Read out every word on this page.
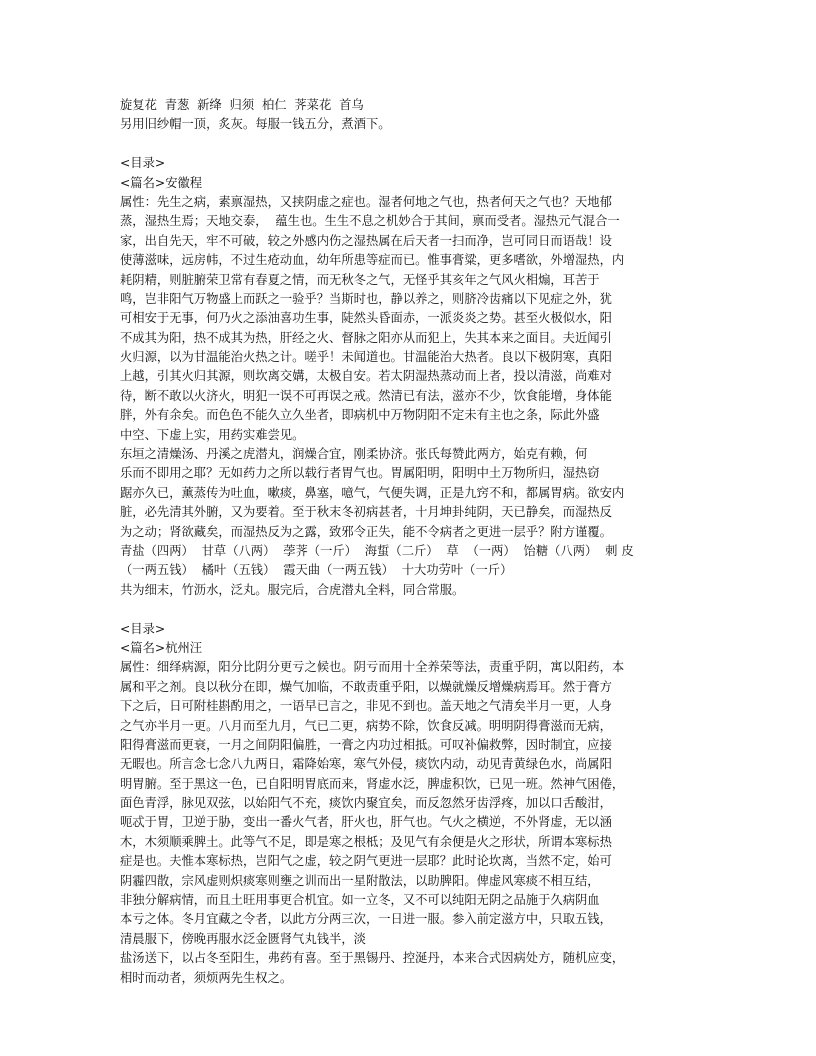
旋复花  青葱  新绛  归须  柏仁  荠菜花  首乌
另用旧纱帽一顶，炙灰。每服一钱五分，煮酒下。
<目录>
<篇名>安徽程
属性：先生之病，素禀湿热，又挟阴虚之症也。湿者何地之气也，热者何天之气也？天地郁
蒸，湿热生焉；天地交泰，  蕴生也。生生不息之机妙合于其间，禀而受者。湿热元气混合一
家，出自先天，牢不可破，较之外感内伤之湿热属在后天者一扫而净，岂可同日而语哉！设
使薄滋味，远房帏，不过生疮动血，幼年所患等症而已。惟事膏粱，更多嗜欲，外增湿热，内
耗阴精，则脏腑荣卫常有春夏之情，而无秋冬之气，无怪乎其亥年之气风火相煽，耳苦于
鸣，岂非阳气万物盛上而跃之一验乎？当斯时也，静以养之，则脐冷齿痛以下见症之外，犹
可相安于无事，何乃火之添油喜功生事，陡然头昏面赤，一派炎炎之势。甚至火极似水，阳
不成其为阳，热不成其为热，肝经之火、督脉之阳亦从而犯上，失其本来之面目。夫近闻引
火归源，以为甘温能治火热之计。嗟乎！未闻道也。甘温能治大热者。良以下极阴寒，真阳
上越，引其火归其源，则坎离交媾，太极自安。若太阴湿热蒸动而上者，投以清滋，尚难对
待，断不敢以火济火，明犯一误不可再误之戒。然清已有法，滋亦不少，饮食能增，身体能
胖，外有余矣。而色色不能久立久坐者，即病机中万物阴阳不定未有主也之条，际此外盛
中空、下虚上实，用药实难尝见。
东垣之清燥汤、丹溪之虎潜丸，润燥合宜，刚柔协济。张氏每赞此两方，始克有赖，何
乐而不即用之耶？无如药力之所以载行者胃气也。胃属阳明，阳明中土万物所归，湿热窃
踞亦久已，薰蒸传为吐血，嗽痰，鼻塞，噫气，气便失调，正是九窍不和，都属胃病。欲安内
脏，必先清其外腑，又为要着。至于秋末冬初病甚者，十月坤卦纯阴，天已静矣，而湿热反
为之动；肾欲藏矣，而湿热反为之露，致邪令正失，能不令病者之更进一层乎？附方谨覆。
青盐（四两）  甘草（八两）  荸荠（一斤）  海蜇（二斤）  草  （一两）  饴糖（八两）  刺 皮
（一两五钱）  橘叶（五钱）  霞天曲（一两五钱）  十大功劳叶（一斤）
共为细末，竹沥水，泛丸。服完后，合虎潜丸全料，同合常服。
<目录>
<篇名>杭州汪
属性：细绎病源，阳分比阴分更亏之候也。阴亏而用十全养荣等法，责重乎阴，寓以阳药，本
属和平之剂。良以秋分在即，燥气加临，不敢责重乎阳，以燥就燥反增燥病焉耳。然于膏方
下之后，日可附桂斟酌用之，一语早已言之，非见不到也。盖天地之气清矣半月一更，人身
之气亦半月一更。八月而至九月，气已二更，病势不除，饮食反减。明明阴得膏滋而无病，
阳得膏滋而更衰，一月之间阴阳偏胜，一膏之内功过相抵。可叹补偏救弊，因时制宜，应接
无暇也。所言念七念八九两日，霜降始寒，寒气外侵，痰饮内动，动见青黄绿色水，尚属阳
明胃腑。至于黑这一色，已自阳明胃底而来，肾虚水泛，脾虚积饮，已见一班。然神气困倦，
面色青浮，脉见双弦，以始阳气不充，痰饮内聚宜矣，而反忽然牙齿浮疼，加以口舌酸泔，
呃忒于胃，卫逆于胁，变出一番火气者，肝火也，肝气也。气火之横逆，不外肾虚，无以涵
木，木须顺乘脾土。此等气不足，即是寒之根柢；及见气有余便是火之形状，所谓本寒标热
症是也。夫惟本寒标热，岂阳气之虚，较之阴气更进一层耶？此时论坎离，当然不定，始可
阴霾四散，宗风虚则炽痰寒则壅之训而出一星附散法，以助脾阳。俾虚风寒痰不相互结，
非独分解病情，而且土旺用事更合机宜。如一立冬，又不可以纯阳无阴之品施于久病阴血
本亏之体。冬月宜藏之令者，以此方分两三次，一日进一服。参入前定滋方中，只取五钱，
清晨服下，傍晚再服水泛金匮肾气丸钱半，淡
盐汤送下，以占冬至阳生，弗药有喜。至于黑锡丹、控涎丹，本来合式因病处方，随机应变，
相时而动者，须烦两先生权之。
